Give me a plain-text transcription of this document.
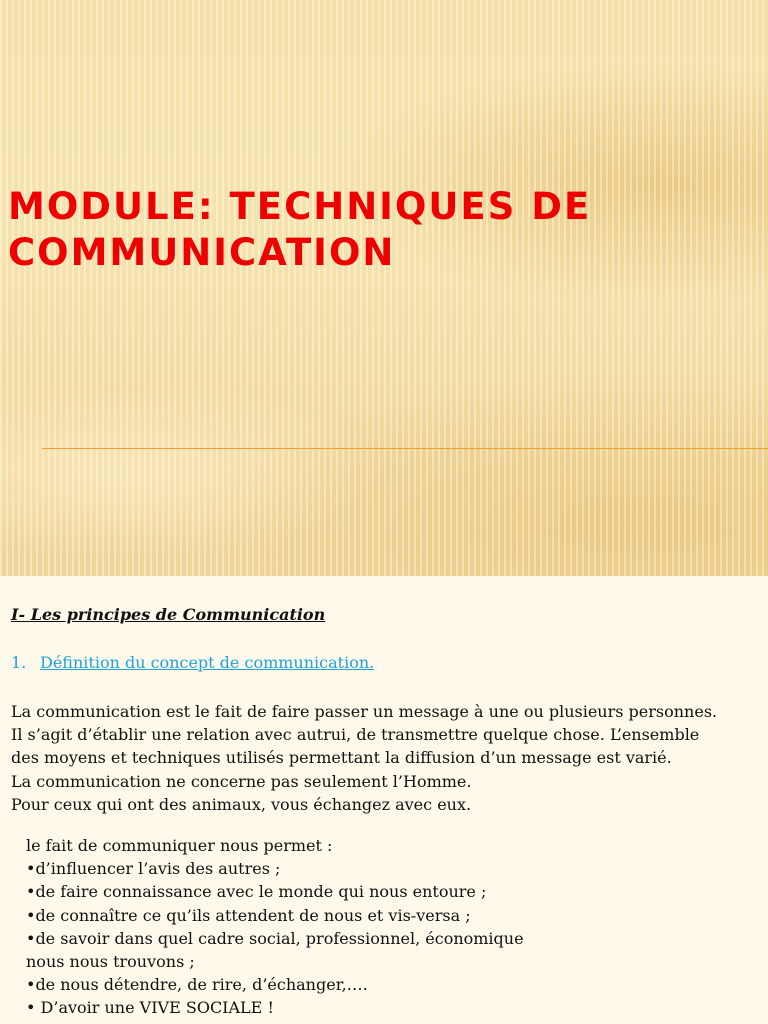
MODULE: TECHNIQUES DE
COMMUNICATION
I- Les principes de Communication
1. Définition du concept de communication.
La communication est le fait de faire passer un message à une ou plusieurs personnes.
Il s’agit d’établir une relation avec autrui, de transmettre quelque chose. L’ensemble
des moyens et techniques utilisés permettant la diffusion d’un message est varié.
La communication ne concerne pas seulement l’Homme.
Pour ceux qui ont des animaux, vous échangez avec eux.
le fait de communiquer nous permet :
•d’influencer l’avis des autres ;
•de faire connaissance avec le monde qui nous entoure ;
•de connaître ce qu’ils attendent de nous et vis-versa ;
•de savoir dans quel cadre social, professionnel, économique
nous nous trouvons ;
•de nous détendre, de rire, d’échanger,….
• D’avoir une VIVE SOCIALE !
